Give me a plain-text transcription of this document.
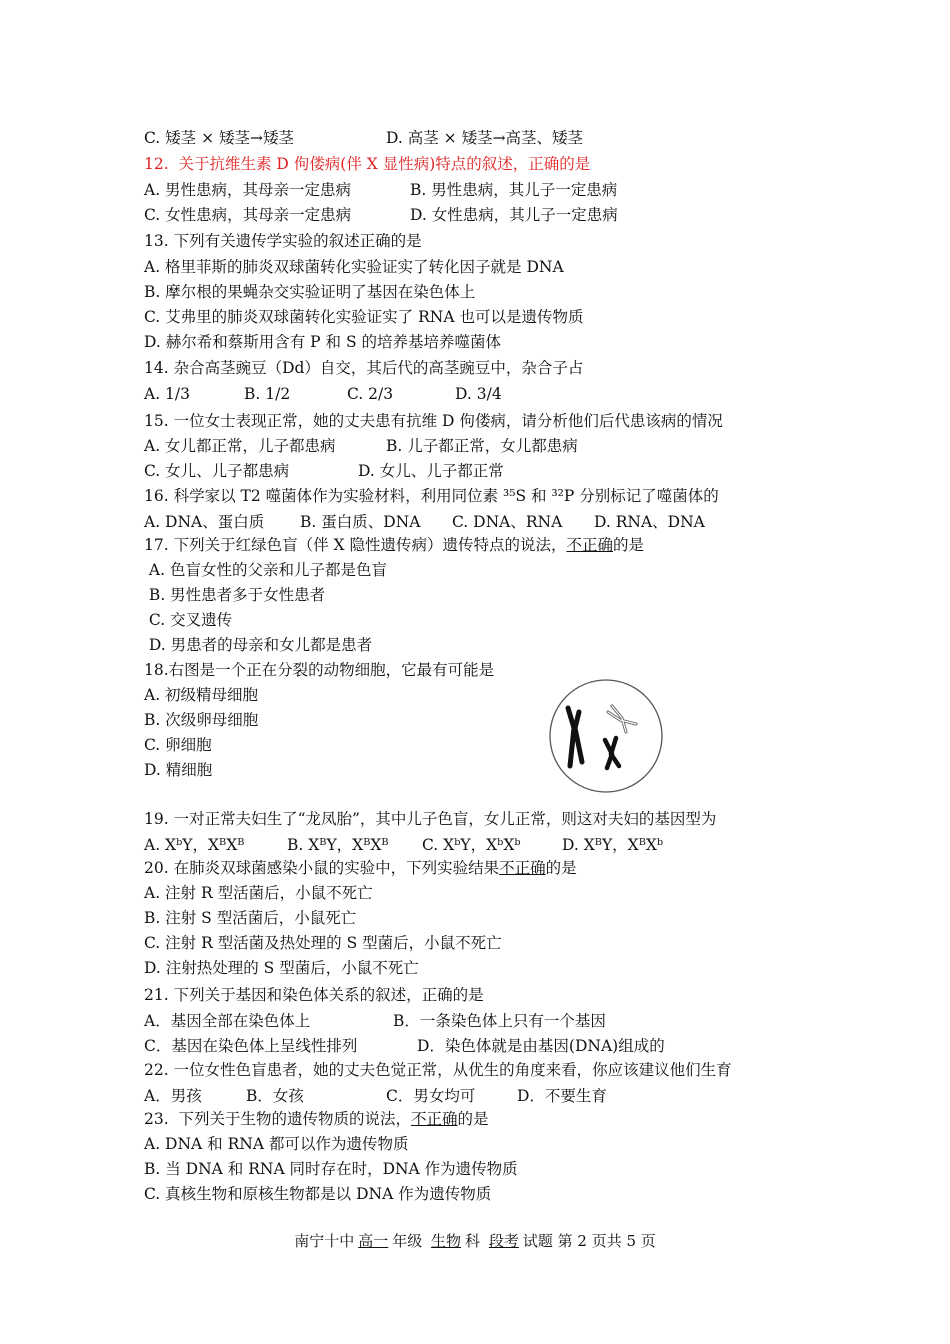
C. 矮茎 × 矮茎→矮茎	D. 高茎 × 矮茎→高茎、矮茎
12.  关于抗维生素 D 佝偻病(伴 X 显性病)特点的叙述，正确的是
A. 男性患病，其母亲一定患病	B. 男性患病，其儿子一定患病
C. 女性患病，其母亲一定患病	D. 女性患病，其儿子一定患病
13. 下列有关遗传学实验的叙述正确的是
A. 格里菲斯的肺炎双球菌转化实验证实了转化因子就是 DNA
B. 摩尔根的果蝇杂交实验证明了基因在染色体上
C. 艾弗里的肺炎双球菌转化实验证实了 RNA 也可以是遗传物质
D. 赫尔希和蔡斯用含有 P 和 S 的培养基培养噬菌体
14. 杂合高茎豌豆（Dd）自交，其后代的高茎豌豆中，杂合子占
A. 1/3	B. 1/2	C. 2/3	D. 3/4
15. 一位女士表现正常，她的丈夫患有抗维 D 佝偻病，请分析他们后代患该病的情况
A. 女儿都正常，儿子都患病	B. 儿子都正常，女儿都患病
C. 女儿、儿子都患病	D. 女儿、儿子都正常
16. 科学家以 T2 噬菌体作为实验材料，利用同位素 ³⁵S 和 ³²P 分别标记了噬菌体的
A. DNA、蛋白质 B. 蛋白质、DNA C. DNA、RNA D. RNA、DNA
A. 色盲女性的父亲和儿子都是色盲
B. 男性患者多于女性患者
C. 交叉遗传
D. 男患者的母亲和女儿都是患者
18.右图是一个正在分裂的动物细胞，它最有可能是
A. 初级精母细胞
B. 次级卵母细胞
C. 卵细胞
D. 精细胞
19. 一对正常夫妇生了“龙凤胎”，其中儿子色盲，女儿正常，则这对夫妇的基因型为
A. XᵇY，XᴮXᴮ	B. XᴮY，XᴮXᴮ C. XᵇY，XᵇXᵇ	D. XᴮY，XᴮXᵇ
A. 注射 R 型活菌后，小鼠不死亡
B. 注射 S 型活菌后，小鼠死亡
C. 注射 R 型活菌及热处理的 S 型菌后，小鼠不死亡
D. 注射热处理的 S 型菌后，小鼠不死亡
21. 下列关于基因和染色体关系的叙述，正确的是
A．基因全部在染色体上	B．一条染色体上只有一个基因
C．基因在染色体上呈线性排列	D．染色体就是由基因(DNA)组成的
22. 一位女性色盲患者，她的丈夫色觉正常，从优生的角度来看，你应该建议他们生育
A．男孩	B．女孩	C．男女均可	D．不要生育
A. DNA 和 RNA 都可以作为遗传物质
B. 当 DNA 和 RNA 同时存在时，DNA 作为遗传物质
C. 真核生物和原核生物都是以 DNA 作为遗传物质
17. 下列关于红绿色盲（伴 X 隐性遗传病）遗传特点的说法，不正确的是
20. 在肺炎双球菌感染小鼠的实验中，下列实验结果不正确的是
23.  下列关于生物的遗传物质的说法，不正确的是
南宁十中 高一 年级 生物 科 段考 试题 第 2 页共 5 页
